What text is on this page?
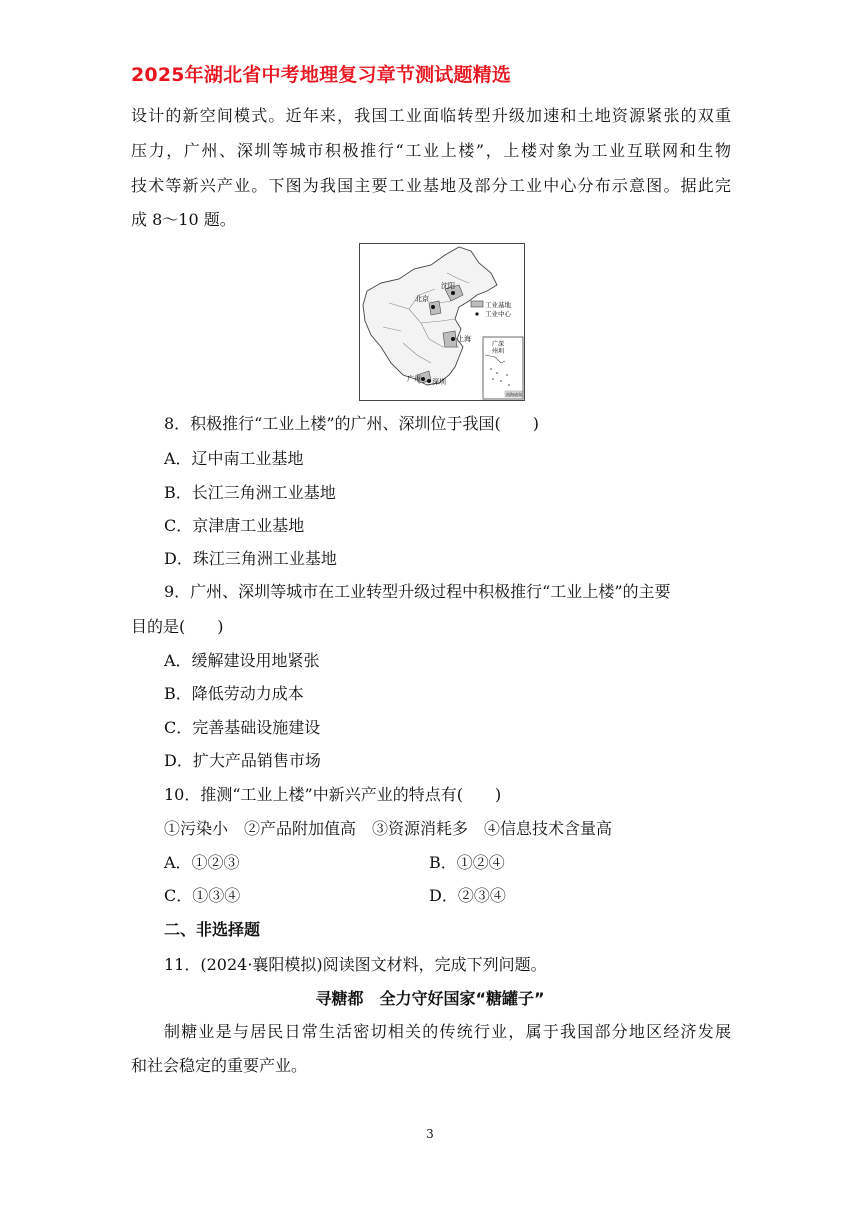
2025年湖北省中考地理复习章节测试题精选
设计的新空间模式。近年来，我国工业面临转型升级加速和土地资源紧张的双重
压力，广州、深圳等城市积极推行“工业上楼”，上楼对象为工业互联网和生物
技术等新兴产业。下图为我国主要工业基地及部分工业中心分布示意图。据此完
成 8～10 题。
北京
沈阳
上海
广州 深圳
工业基地
工业中心
广深
州圳
南海诸岛
8．积极推行“工业上楼”的广州、深圳位于我国(　　)
A．辽中南工业基地
B．长江三角洲工业基地
C．京津唐工业基地
D．珠江三角洲工业基地
9．广州、深圳等城市在工业转型升级过程中积极推行“工业上楼”的主要
目的是(　　)
A．缓解建设用地紧张
B．降低劳动力成本
C．完善基础设施建设
D．扩大产品销售市场
10．推测“工业上楼”中新兴产业的特点有(　　)
①污染小　②产品附加值高　③资源消耗多　④信息技术含量高
A．①②③	B．①②④
C．①③④	D．②③④
二、非选择题
11．(2024·襄阳模拟)阅读图文材料，完成下列问题。
寻糖都　全力守好国家“糖罐子”
制糖业是与居民日常生活密切相关的传统行业，属于我国部分地区经济发展
和社会稳定的重要产业。
3
